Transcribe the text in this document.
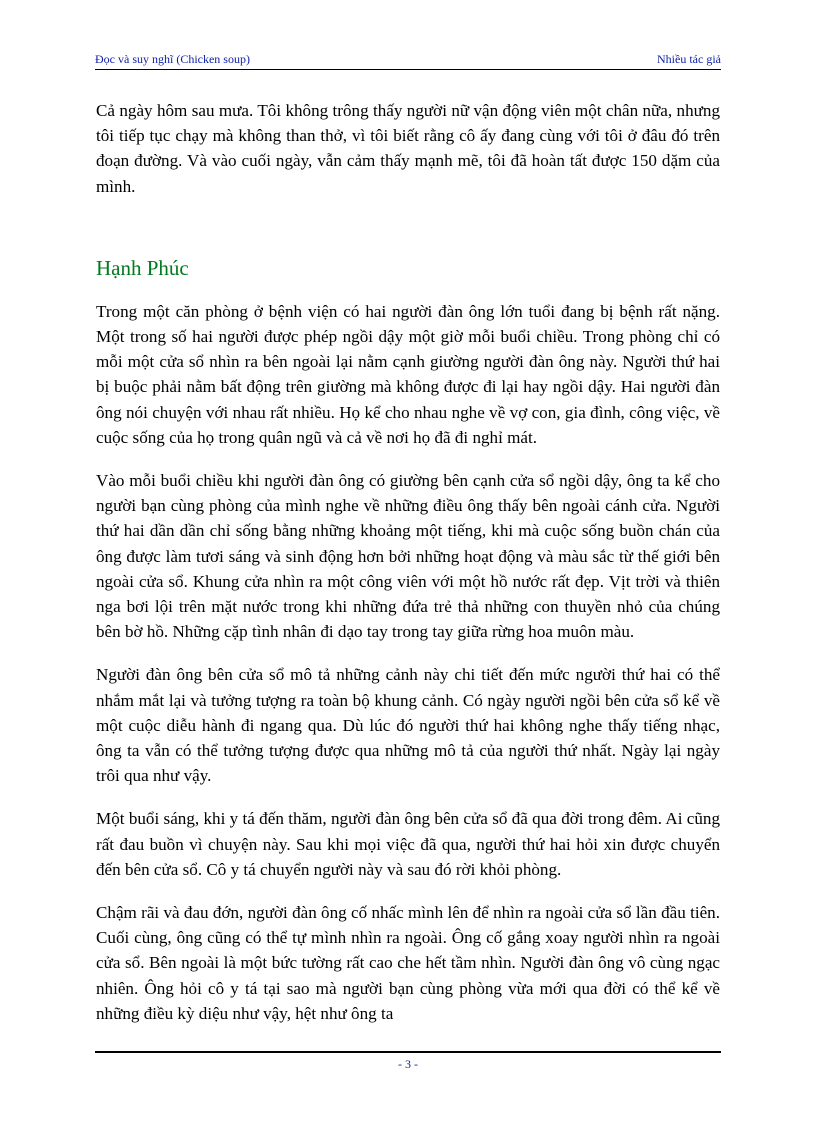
Đọc và suy nghĩ (Chicken soup)	Nhiều tác giả

Cả ngày hôm sau mưa. Tôi không trông thấy người nữ vận động viên một chân nữa, nhưng tôi tiếp tục chạy mà không than thở, vì tôi biết rằng cô ấy đang cùng với tôi ở đâu đó trên đoạn đường. Và vào cuối ngày, vẫn cảm thấy mạnh mẽ, tôi đã hoàn tất được 150 dặm của mình.

Hạnh Phúc

Trong một căn phòng ở bệnh viện có hai người đàn ông lớn tuổi đang bị bệnh rất nặng. Một trong số hai người được phép ngồi dậy một giờ mỗi buổi chiều. Trong phòng chỉ có mỗi một cửa sổ nhìn ra bên ngoài lại nằm cạnh giường người đàn ông này. Người thứ hai bị buộc phải nằm bất động trên giường mà không được đi lại hay ngồi dậy. Hai người đàn ông nói chuyện với nhau rất nhiều. Họ kể cho nhau nghe về vợ con, gia đình, công việc, về cuộc sống của họ trong quân ngũ và cả về nơi họ đã đi nghỉ mát.

Vào mỗi buổi chiều khi người đàn ông có giường bên cạnh cửa sổ ngồi dậy, ông ta kể cho người bạn cùng phòng của mình nghe về những điều ông thấy bên ngoài cánh cửa. Người thứ hai dần dần chỉ sống bằng những khoảng một tiếng, khi mà cuộc sống buồn chán của ông được làm tươi sáng và sinh động hơn bởi những hoạt động và màu sắc từ thế giới bên ngoài cửa sổ. Khung cửa nhìn ra một công viên với một hồ nước rất đẹp. Vịt trời và thiên nga bơi lội trên mặt nước trong khi những đứa trẻ thả những con thuyền nhỏ của chúng bên bờ hồ. Những cặp tình nhân đi dạo tay trong tay giữa rừng hoa muôn màu.

Người đàn ông bên cửa sổ mô tả những cảnh này chi tiết đến mức người thứ hai có thể nhắm mắt lại và tưởng tượng ra toàn bộ khung cảnh. Có ngày người ngồi bên cửa sổ kể về một cuộc diễu hành đi ngang qua. Dù lúc đó người thứ hai không nghe thấy tiếng nhạc, ông ta vẫn có thể tưởng tượng được qua những mô tả của người thứ nhất. Ngày lại ngày trôi qua như vậy.

Một buổi sáng, khi y tá đến thăm, người đàn ông bên cửa sổ đã qua đời trong đêm. Ai cũng rất đau buồn vì chuyện này. Sau khi mọi việc đã qua, người thứ hai hỏi xin được chuyển đến bên cửa sổ. Cô y tá chuyển người này và sau đó rời khỏi phòng.

Chậm rãi và đau đớn, người đàn ông cố nhấc mình lên để nhìn ra ngoài cửa sổ lần đầu tiên. Cuối cùng, ông cũng có thể tự mình nhìn ra ngoài. Ông cố gắng xoay người nhìn ra ngoài cửa sổ. Bên ngoài là một bức tường rất cao che hết tầm nhìn. Người đàn ông vô cùng ngạc nhiên. Ông hỏi cô y tá tại sao mà người bạn cùng phòng vừa mới qua đời có thể kể về những điều kỳ diệu như vậy, hệt như ông ta

- 3 -
